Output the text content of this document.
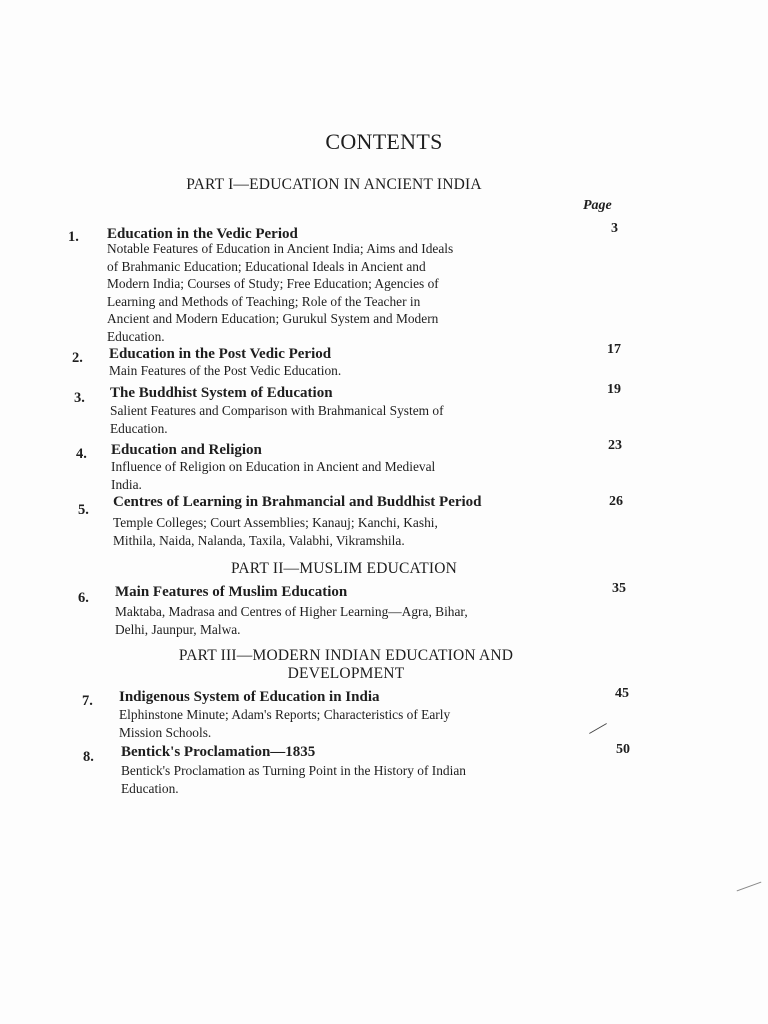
CONTENTS
PART I—EDUCATION IN ANCIENT INDIA
Page
1. Education in the Vedic Period	3
Notable Features of Education in Ancient India; Aims and Ideals
of Brahmanic Education; Educational Ideals in Ancient and
Modern India; Courses of Study; Free Education; Agencies of
Learning and Methods of Teaching; Role of the Teacher in
Ancient and Modern Education; Gurukul System and Modern
Education.
2. Education in the Post Vedic Period	17
Main Features of the Post Vedic Education.
3. The Buddhist System of Education	19
Salient Features and Comparison with Brahmanical System of
Education.
4. Education and Religion	23
Influence of Religion on Education in Ancient and Medieval
India.
5. Centres of Learning in Brahmancial and Buddhist Period	26
Temple Colleges; Court Assemblies; Kanauj; Kanchi, Kashi,
Mithila, Naida, Nalanda, Taxila, Valabhi, Vikramshila.
PART II—MUSLIM EDUCATION
6. Main Features of Muslim Education	35
Maktaba, Madrasa and Centres of Higher Learning—Agra, Bihar,
Delhi, Jaunpur, Malwa.
PART III—MODERN INDIAN EDUCATION AND
DEVELOPMENT
7. Indigenous System of Education in India	45
Elphinstone Minute; Adam's Reports; Characteristics of Early
Mission Schools.
8. Bentick's Proclamation—1835	50
Bentick's Proclamation as Turning Point in the History of Indian
Education.
